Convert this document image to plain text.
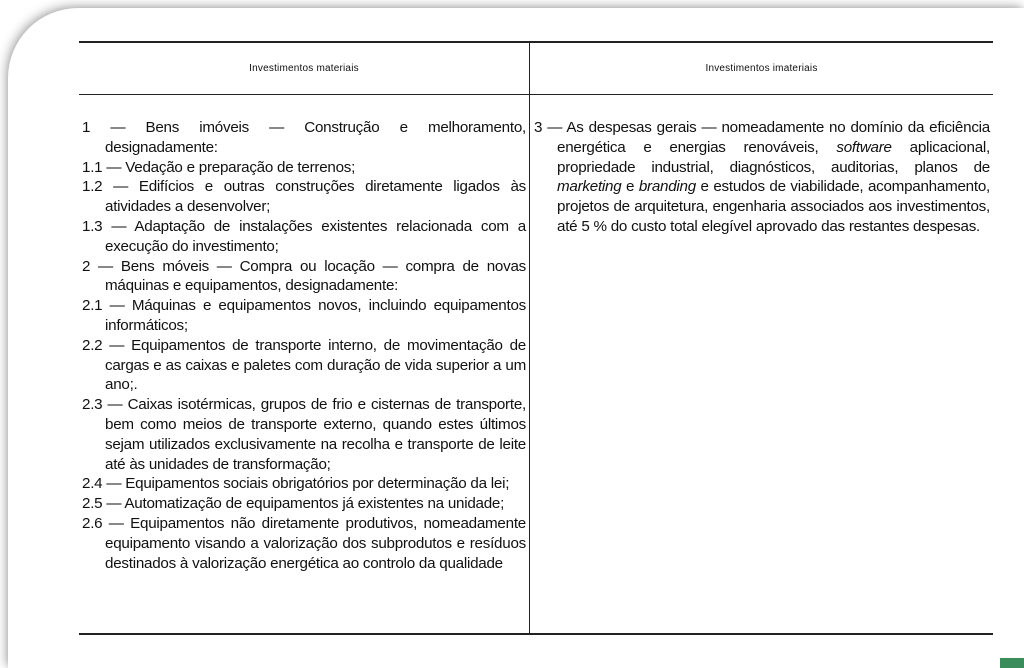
Investimentos materiais	Investimentos imateriais

1 — Bens imóveis — Construção e melhoramento, designadamente:

1.1 — Vedação e preparação de terrenos;

1.2 — Edifícios e outras construções diretamente ligados às atividades a desenvolver;

1.3 — Adaptação de instalações existentes relacionada com a execução do investimento;

2 — Bens móveis — Compra ou locação — compra de novas máquinas e equipamentos, designadamente:

2.1 — Máquinas e equipamentos novos, incluindo equipamentos informáticos;

2.2 — Equipamentos de transporte interno, de movimentação de cargas e as caixas e paletes com duração de vida superior a um ano;.

2.3 — Caixas isotérmicas, grupos de frio e cisternas de transporte, bem como meios de transporte externo, quando estes últimos sejam utilizados exclusivamente na recolha e transporte de leite até às unidades de transformação;

2.4 — Equipamentos sociais obrigatórios por determinação da lei;

2.5 — Automatização de equipamentos já existentes na unidade;

2.6 — Equipamentos não diretamente produtivos, nomeadamente equipamento visando a valorização dos subprodutos e resíduos destinados à valorização energética ao controlo da qualidade

3 — As despesas gerais — nomeadamente no domínio da eficiência energética e energias renováveis, software aplicacional, propriedade industrial, diagnósticos, auditorias, planos de marketing e branding e estudos de viabilidade, acompanhamento, projetos de arquitetura, engenharia associados aos investimentos, até 5 % do custo total elegível aprovado das restantes despesas.
